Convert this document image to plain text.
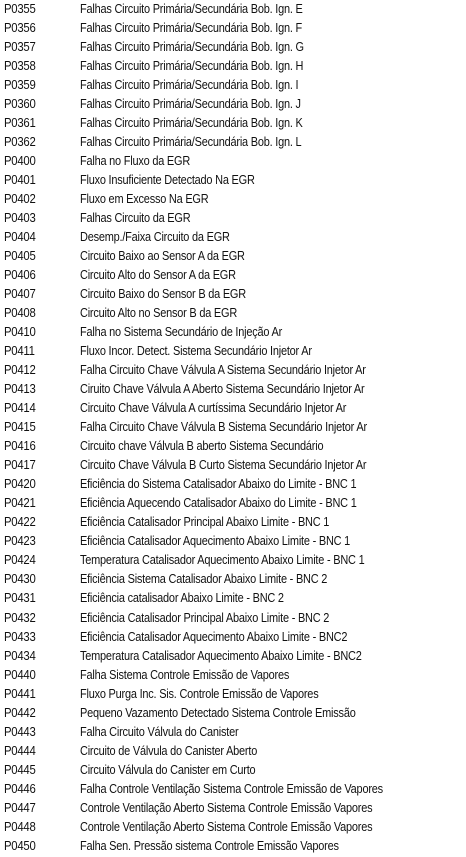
P0355	Falhas Circuito Primária/Secundária Bob. Ign. E
P0356	Falhas Circuito Primária/Secundária Bob. Ign. F
P0357	Falhas Circuito Primária/Secundária Bob. Ign. G
P0358	Falhas Circuito Primária/Secundária Bob. Ign. H
P0359	Falhas Circuito Primária/Secundária Bob. Ign. I
P0360	Falhas Circuito Primária/Secundária Bob. Ign. J
P0361	Falhas Circuito Primária/Secundária Bob. Ign. K
P0362	Falhas Circuito Primária/Secundária Bob. Ign. L
P0400	Falha no Fluxo da EGR
P0401	Fluxo Insuficiente Detectado Na EGR
P0402	Fluxo em Excesso Na EGR
P0403	Falhas Circuito da EGR
P0404	Desemp./Faixa Circuito da EGR
P0405	Circuito Baixo ao Sensor A da EGR
P0406	Circuito Alto do Sensor A da EGR
P0407	Circuito Baixo do Sensor B da EGR
P0408	Circuito Alto no Sensor B da EGR
P0410	Falha no Sistema Secundário de Injeção Ar
P0411	Fluxo Incor. Detect. Sistema Secundário Injetor Ar
P0412	Falha Circuito Chave Válvula A Sistema Secundário Injetor Ar
P0413	Ciruito Chave Válvula A Aberto Sistema Secundário Injetor Ar
P0414	Circuito Chave Válvula A curtíssima Secundário Injetor Ar
P0415	Falha Circuito Chave Válvula B Sistema Secundário Injetor Ar
P0416	Circuito chave Válvula B aberto Sistema Secundário
P0417	Circuito Chave Válvula B Curto Sistema Secundário Injetor Ar
P0420	Eficiência do Sistema Catalisador Abaixo do Limite - BNC 1
P0421	Eficiência Aquecendo Catalisador Abaixo do Limite - BNC 1
P0422	Eficiência Catalisador Principal Abaixo Limite - BNC 1
P0423	Eficiência Catalisador Aquecimento Abaixo Limite - BNC 1
P0424	Temperatura Catalisador Aquecimento Abaixo Limite - BNC 1
P0430	Eficiência Sistema Catalisador Abaixo Limite - BNC 2
P0431	Eficiência catalisador Abaixo Limite - BNC 2
P0432	Eficiência Catalisador Principal Abaixo Limite - BNC 2
P0433	Eficiência Catalisador Aquecimento Abaixo Limite - BNC2
P0434	Temperatura Catalisador Aquecimento Abaixo Limite - BNC2
P0440	Falha Sistema Controle Emissão de Vapores
P0441	Fluxo Purga Inc. Sis. Controle Emissão de Vapores
P0442	Pequeno Vazamento Detectado Sistema Controle Emissão
P0443	Falha Circuito Válvula do Canister
P0444	Circuito de Válvula do Canister Aberto
P0445	Circuito Válvula do Canister em Curto
P0446	Falha Controle Ventilação Sistema Controle Emissão de Vapores
P0447	Controle Ventilação Aberto Sistema Controle Emissão Vapores
P0448	Controle Ventilação Aberto Sistema Controle Emissão Vapores
P0450	Falha Sen. Pressão sistema Controle Emissão Vapores
